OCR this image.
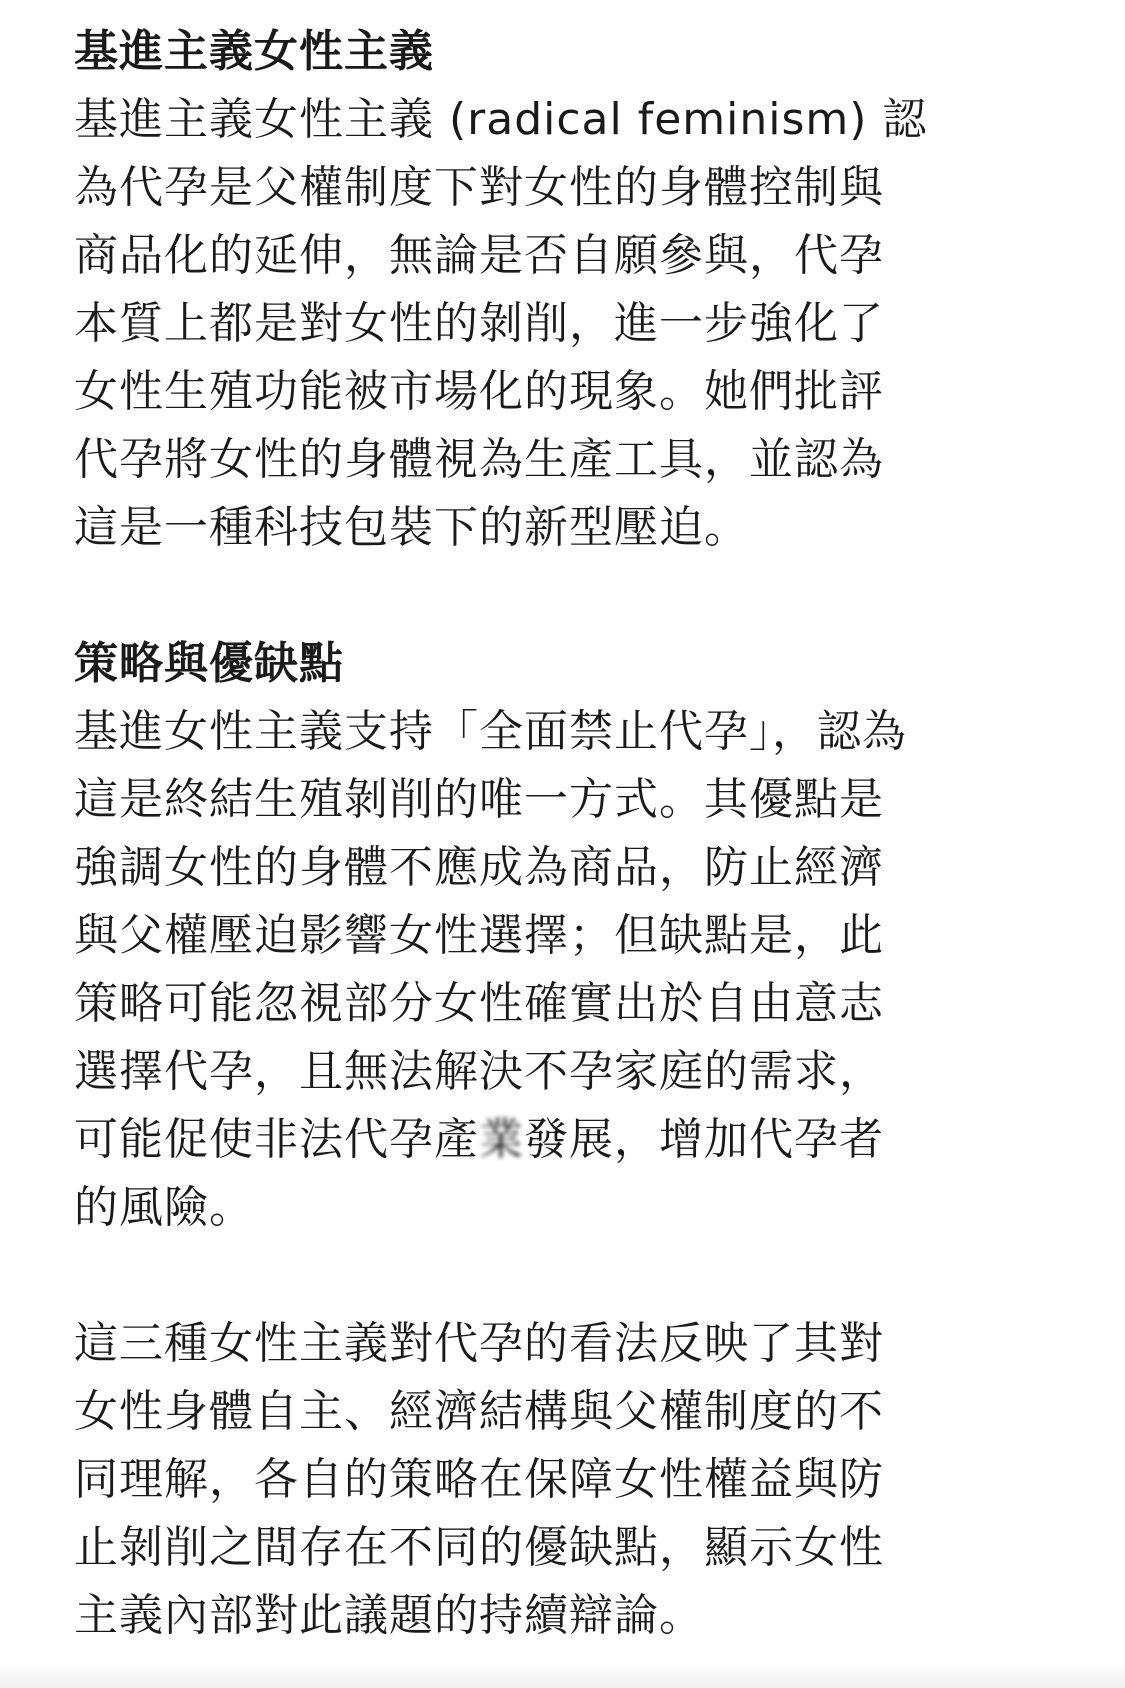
基進主義女性主義

基進主義女性主義 (radical feminism) 認
為代孕是父權制度下對女性的身體控制與
商品化的延伸，無論是否自願參與，代孕
本質上都是對女性的剝削，進一步強化了
女性生殖功能被市場化的現象。她們批評
代孕將女性的身體視為生產工具，並認為
這是一種科技包裝下的新型壓迫。

策略與優缺點

基進女性主義支持「全面禁止代孕」，認為
這是終結生殖剝削的唯一方式。其優點是
強調女性的身體不應成為商品，防止經濟
與父權壓迫影響女性選擇；但缺點是，此
策略可能忽視部分女性確實出於自由意志
選擇代孕，且無法解決不孕家庭的需求，
可能促使非法代孕產業發展，增加代孕者
的風險。

這三種女性主義對代孕的看法反映了其對
女性身體自主、經濟結構與父權制度的不
同理解，各自的策略在保障女性權益與防
止剝削之間存在不同的優缺點，顯示女性
主義內部對此議題的持續辯論。
